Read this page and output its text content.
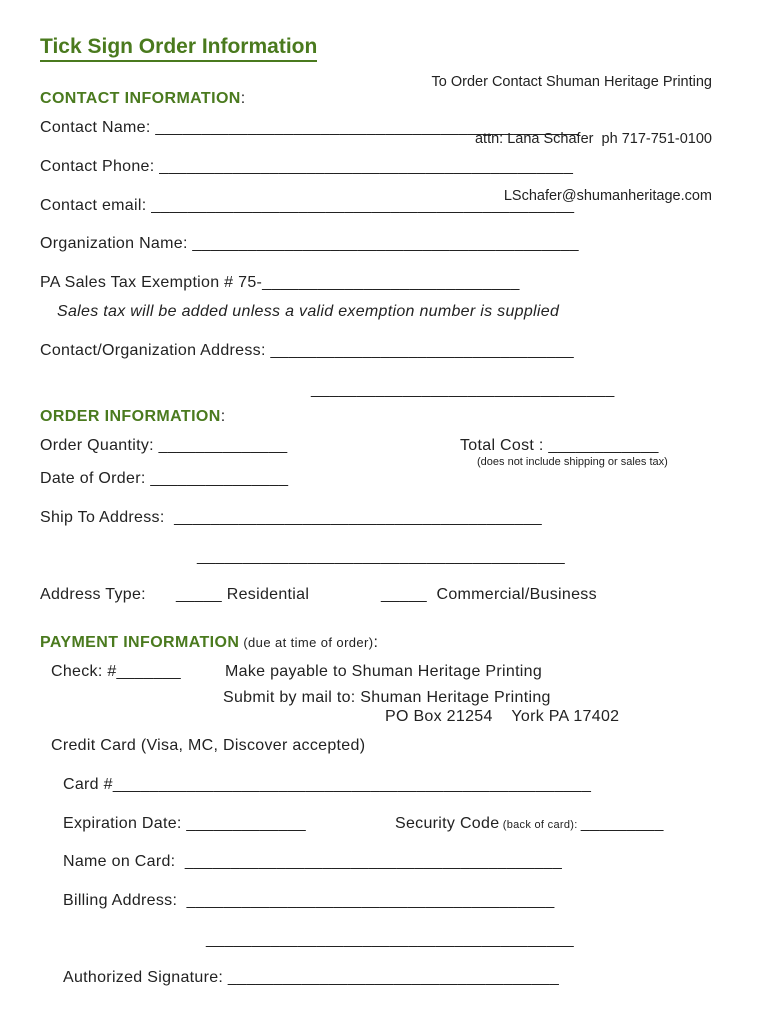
Tick Sign Order Information

To Order Contact Shuman Heritage Printing

attn: Lana Schafer  ph 717-751-0100

LSchafer@shumanheritage.com

CONTACT INFORMATION:
Contact Name: ______________________________________________
Contact Phone: _____________________________________________
Contact email: ______________________________________________
Organization Name: __________________________________________
PA Sales Tax Exemption # 75-____________________________
Sales tax will be added unless a valid exemption number is supplied
Contact/Organization Address: _________________________________
_________________________________
ORDER INFORMATION:
Order Quantity: ______________	Total Cost : ____________
(does not include shipping or sales tax)
Date of Order: _______________
Ship To Address:  ________________________________________
________________________________________
Address Type: _____ Residential	_____  Commercial/Business
PAYMENT INFORMATION (due at time of order):
Check: #_______	Make payable to Shuman Heritage Printing
Submit by mail to: Shuman Heritage Printing
PO Box 21254    York PA 17402
Credit Card (Visa, MC, Discover accepted)
Card #____________________________________________________
Expiration Date: _____________	Security Code (back of card): _________
Name on Card:  _________________________________________
Billing Address:  ________________________________________
________________________________________
Authorized Signature: ____________________________________
